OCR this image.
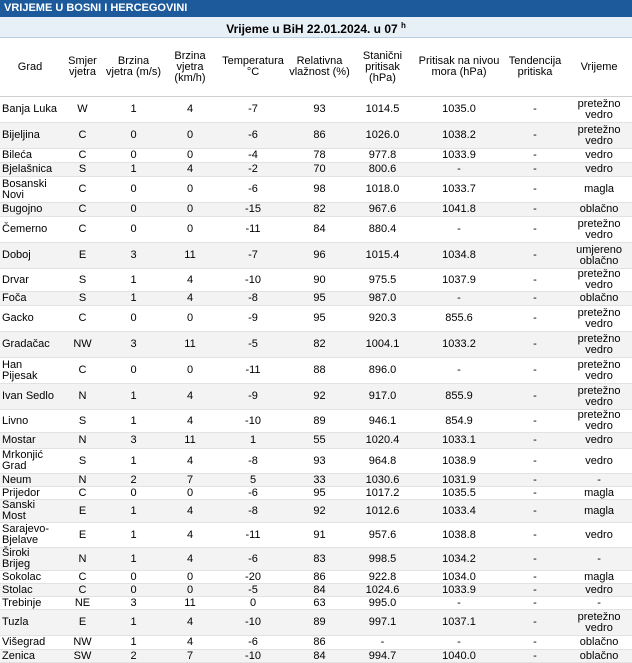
VRIJEME U BOSNI I HERCEGOVINI
Vrijeme u BiH 22.01.2024. u 07 $^h$
Grad	Smjer vjetra	Brzina vjetra (m/s)	Brzina vjetra (km/h)	Temperatura °C	Relativna vlažnost (%)	Stanični pritisak (hPa)	Pritisak na nivou mora (hPa)	Tendencija pritiska	Vrijeme
Banja Luka	W	1	4	-7	93	1014.5	1035.0	-	pretežno vedro
Bijeljina	C	0	0	-6	86	1026.0	1038.2	-	pretežno vedro
Bileća	C	0	0	-4	78	977.8	1033.9	-	vedro
Bjelašnica	S	1	4	-2	70	800.6	-	-	vedro
Bosanski Novi	C	0	0	-6	98	1018.0	1033.7	-	magla
Bugojno	C	0	0	-15	82	967.6	1041.8	-	oblačno
Čemerno	C	0	0	-11	84	880.4	-	-	pretežno vedro
Doboj	E	3	11	-7	96	1015.4	1034.8	-	umjereno oblačno
Drvar	S	1	4	-10	90	975.5	1037.9	-	pretežno vedro
Foča	S	1	4	-8	95	987.0	-	-	oblačno
Gacko	C	0	0	-9	95	920.3	855.6	-	pretežno vedro
Gradačac	NW	3	11	-5	82	1004.1	1033.2	-	pretežno vedro
Han Pijesak	C	0	0	-11	88	896.0	-	-	pretežno vedro
Ivan Sedlo	N	1	4	-9	92	917.0	855.9	-	pretežno vedro
Livno	S	1	4	-10	89	946.1	854.9	-	pretežno vedro
Mostar	N	3	11	1	55	1020.4	1033.1	-	vedro
Mrkonjić Grad	S	1	4	-8	93	964.8	1038.9	-	vedro
Neum	N	2	7	5	33	1030.6	1031.9	-	-
Prijedor	C	0	0	-6	95	1017.2	1035.5	-	magla
Sanski Most	E	1	4	-8	92	1012.6	1033.4	-	magla
Sarajevo-Bjelave	E	1	4	-11	91	957.6	1038.8	-	vedro
Široki Brijeg	N	1	4	-6	83	998.5	1034.2	-	-
Sokolac	C	0	0	-20	86	922.8	1034.0	-	magla
Stolac	C	0	0	-5	84	1024.6	1033.9	-	vedro
Trebinje	NE	3	11	0	63	995.0	-	-	-
Tuzla	E	1	4	-10	89	997.1	1037.1	-	pretežno vedro
Višegrad	NW	1	4	-6	86	-	-	-	oblačno
Zenica	SW	2	7	-10	84	994.7	1040.0	-	oblačno
